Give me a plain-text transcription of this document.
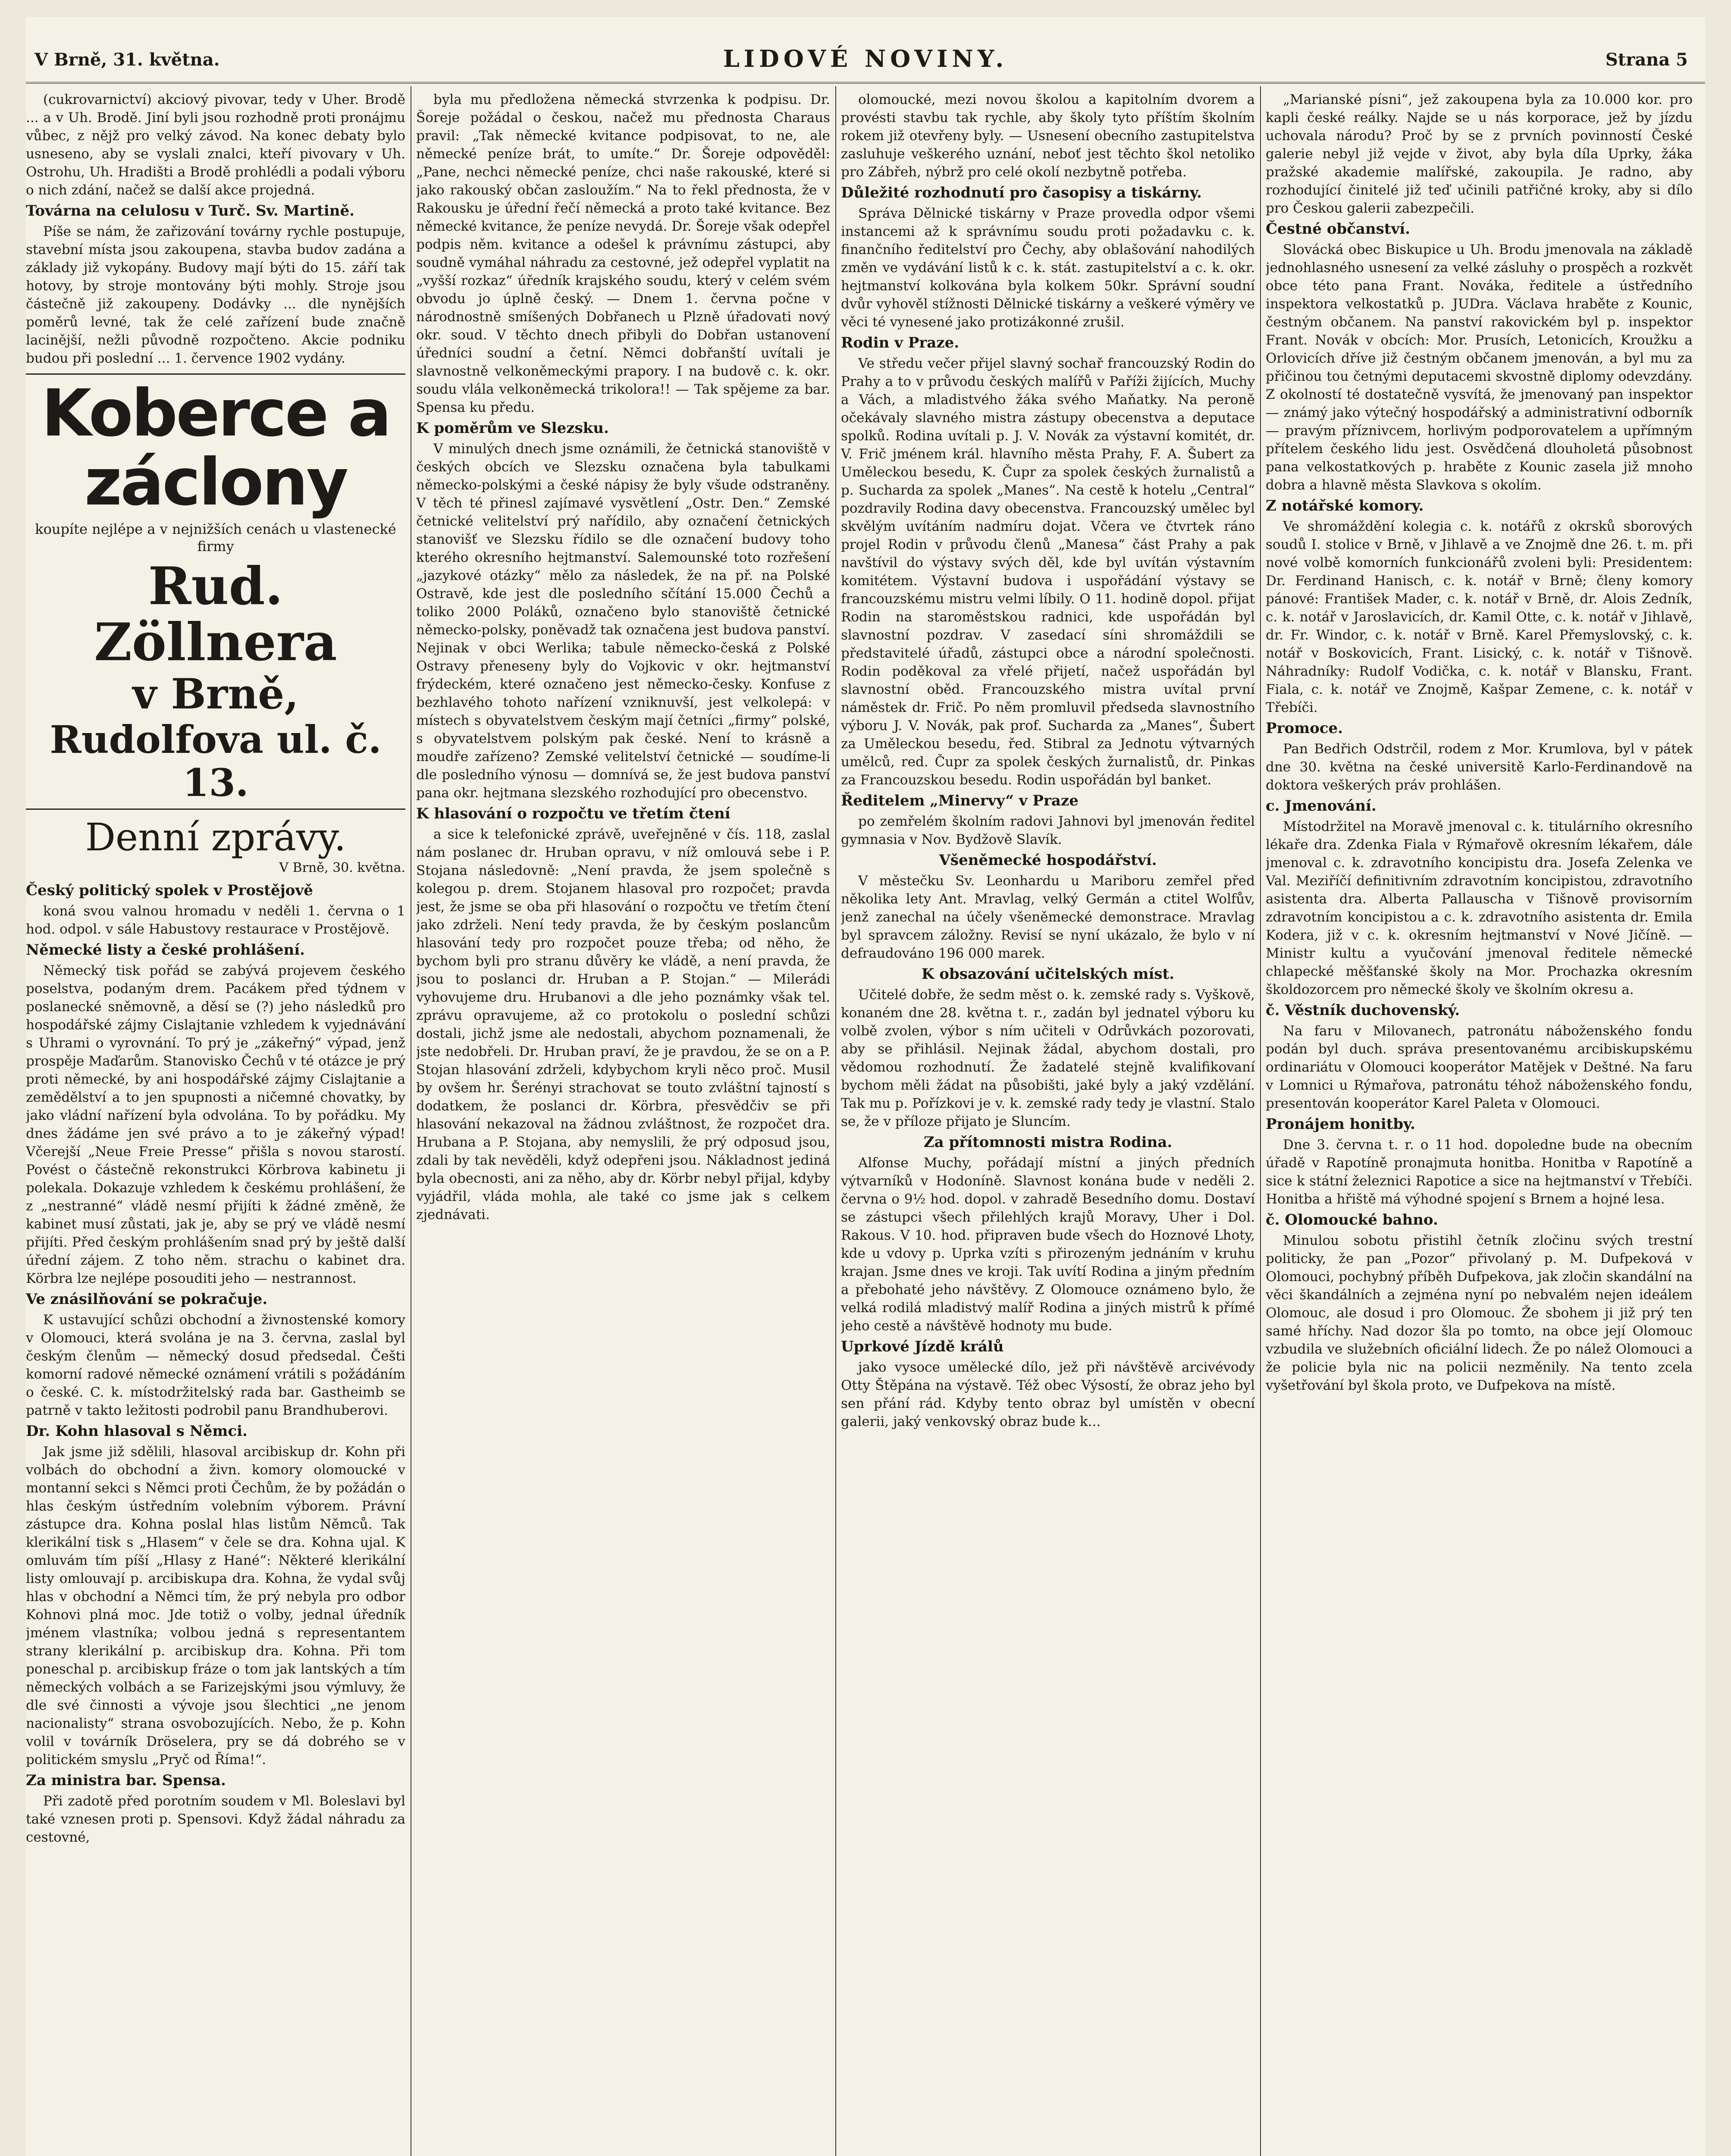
V Brně, 31. května.	LIDOVÉ NOVINY.	Strana 5

(cukrovarnictví) akciový pivovar, tedy v Uher. Brodě ... a v Uh. Brodě. Jiní byli jsou rozhodně proti pronájmu vůbec, z nějž pro velký závod. Na konec debaty bylo usneseno, aby se vyslali znalci, kteří pivovary v Uh. Ostrohu, Uh. Hradišti a Brodě prohlédli a podali výboru o nich zdání, načež se další akce projedná.

Továrna na celulosu v Turč. Sv. Martině.

Píše se nám, že zařizování továrny rychle postupuje, stavební místa jsou zakoupena, stavba budov zadána a základy již vykopány. Budovy mají býti do 15. září tak hotovy, by stroje montovány býti mohly. Stroje jsou částečně již zakoupeny. Dodávky ... dle nynějších poměrů levné, tak že celé zařízení bude značně lacinější, nežli původně rozpočteno. Akcie podniku budou při poslední ... 1. července 1902 vydány.

Koberce a záclony
koupíte nejlépe a v nejnižších cenách u vlastenecké firmy
Rud. Zöllnera
v Brně,
Rudolfova ul. č. 13.
Denní zprávy.
V Brně, 30. května.

Český politický spolek v Prostějově

koná svou valnou hromadu v neděli 1. června o 1 hod. odpol. v sále Habustovy restaurace v Prostějově.

Německé listy a české prohlášení.

Německý tisk pořád se zabývá projevem českého poselstva, podaným drem. Pacákem před týdnem v poslanecké sněmovně, a děsí se (?) jeho následků pro hospodářské zájmy Cislajtanie vzhledem k vyjednávání s Uhrami o vyrovnání. To prý je „zákeřný“ výpad, jenž prospěje Maďarům. Stanovisko Čechů v té otázce je prý proti německé, by ani hospodářské zájmy Cislajtanie a zemědělství a to jen spupnosti a ničemné chovatky, by jako vládní nařízení byla odvolána. To by pořádku. My dnes žádáme jen své právo a to je zákeřný výpad! Včerejší „Neue Freie Presse“ přišla s novou starostí. Povést o částečně rekonstrukci Körbrova kabinetu ji polekala. Dokazuje vzhledem k českému prohlášení, že z „nestranné“ vládě nesmí přijíti k žádné změně, že kabinet musí zůstati, jak je, aby se prý ve vládě nesmí přijíti. Před českým prohlášením snad prý by ještě další úřední zájem. Z toho něm. strachu o kabinet dra. Körbra lze nejlépe posouditi jeho — nestrannost.

Ve znásilňování se pokračuje.

K ustavující schůzi obchodní a živnostenské komory v Olomouci, která svolána je na 3. června, zaslal byl českým členům — německý dosud předsedal. Češti komorní radové německé oznámení vrátili s požádáním o české. C. k. místodržitelský rada bar. Gastheimb se patrně v takto ležitosti podrobil panu Brandhuberovi.

Dr. Kohn hlasoval s Němci.

Jak jsme již sdělili, hlasoval arcibiskup dr. Kohn při volbách do obchodní a živn. komory olomoucké v montanní sekci s Němci proti Čechům, že by požádán o hlas českým ústředním volebním výborem. Právní zástupce dra. Kohna poslal hlas listům Němců. Tak klerikální tisk s „Hlasem“ v čele se dra. Kohna ujal. K omluvám tím píší „Hlasy z Hané“: Některé klerikální listy omlouvají p. arcibiskupa dra. Kohna, že vydal svůj hlas v obchodní a Němci tím, že prý nebyla pro odbor Kohnovi plná moc. Jde totiž o volby, jednal úředník jménem vlastníka; volbou jedná s representantem strany klerikální p. arcibiskup dra. Kohna. Při tom poneschal p. arcibiskup fráze o tom jak lantských a tím německých volbách a se Farizejskými jsou výmluvy, že dle své činnosti a vývoje jsou šlechtici „ne jenom nacionalisty“ strana osvobozujících. Nebo, že p. Kohn volil v továrník Dröselera, pry se dá dobrého se v politickém smyslu „Pryč od Říma!“.

Za ministra bar. Spensa.

Při zadotě před porotním soudem v Ml. Boleslavi byl také vznesen proti p. Spensovi. Když žádal náhradu za cestovné,

byla mu předložena německá stvrzenka k podpisu. Dr. Šoreje požádal o českou, načež mu přednosta Charaus pravil: „Tak německé kvitance podpisovat, to ne, ale německé peníze brát, to umíte.“ Dr. Šoreje odpověděl: „Pane, nechci německé peníze, chci naše rakouské, které si jako rakouský občan zasloužím.“ Na to řekl přednosta, že v Rakousku je úřední řečí německá a proto také kvitance. Bez německé kvitance, že peníze nevydá. Dr. Šoreje však odepřel podpis něm. kvitance a odešel k právnímu zástupci, aby soudně vymáhal náhradu za cestovné, jež odepřel vyplatit na „vyšší rozkaz“ úředník krajského soudu, který v celém svém obvodu jo úplně český. — Dnem 1. června počne v národnostně smíšených Dobřanech u Plzně úřadovati nový okr. soud. V těchto dnech přibyli do Dobřan ustanovení úředníci soudní a četní. Němci dobřanští uvítali je slavnostně velkoněmeckými prapory. I na budově c. k. okr. soudu vlála velkoněmecká trikolora!! — Tak spějeme za bar. Spensa ku předu.

K poměrům ve Slezsku.

V minulých dnech jsme oznámili, že četnická stanoviště v českých obcích ve Slezsku označena byla tabulkami německo-polskými a české nápisy že byly všude odstraněny. V těch té přinesl zajímavé vysvětlení „Ostr. Den.“ Zemské četnické velitelství prý nařídilo, aby označení četnických stanovišť ve Slezsku řídilo se dle označení budovy toho kterého okresního hejtmanství. Salemounské toto rozřešení „jazykové otázky“ mělo za následek, že na př. na Polské Ostravě, kde jest dle posledního sčítání 15.000 Čechů a toliko 2000 Poláků, označeno bylo stanoviště četnické německo-polsky, poněvadž tak označena jest budova panství. Nejinak v obci Werlika; tabule německo-česká z Polské Ostravy přeneseny byly do Vojkovic v okr. hejtmanství frýdeckém, které označeno jest německo-česky. Konfuse z bezhlavého tohoto nařízení vzniknuvší, jest velkolepá: v místech s obyvatelstvem českým mají četníci „firmy“ polské, s obyvatelstvem polským pak české. Není to krásně a moudře zařízeno? Zemské velitelství četnické — soudíme-li dle posledního výnosu — domnívá se, že jest budova panství pana okr. hejtmana slezského rozhodující pro obecenstvo.

K hlasování o rozpočtu ve třetím čtení

a sice k telefonické zprávě, uveřejněné v čís. 118, zaslal nám poslanec dr. Hruban opravu, v níž omlouvá sebe i P. Stojana následovně: „Není pravda, že jsem společně s kolegou p. drem. Stojanem hlasoval pro rozpočet; pravda jest, že jsme se oba při hlasování o rozpočtu ve třetím čtení jako zdrželi. Není tedy pravda, že by českým poslancům hlasování tedy pro rozpočet pouze třeba; od něho, že bychom byli pro stranu důvěry ke vládě, a není pravda, že jsou to poslanci dr. Hruban a P. Stojan.“ — Milerádi vyhovujeme dru. Hrubanovi a dle jeho poznámky však tel. zprávu opravujeme, až co protokolu o poslední schůzi dostali, jichž jsme ale nedostali, abychom poznamenali, že jste nedobřeli. Dr. Hruban praví, že je pravdou, že se on a P. Stojan hlasování zdrželi, kdybychom kryli něco proč. Musil by ovšem hr. Šerényi strachovat se touto zvláštní tajností s dodatkem, že poslanci dr. Körbra, přesvědčiv se při hlasování nekazoval na žádnou zvláštnost, že rozpočet dra. Hrubana a P. Stojana, aby nemyslili, že prý odposud jsou, zdali by tak nevěděli, když odepřeni jsou. Nákladnost jediná byla obecnosti, ani za něho, aby dr. Körbr nebyl přijal, kdyby vyjádřil, vláda mohla, ale také co jsme jak s celkem zjednávati.

olomoucké, mezi novou školou a kapitolním dvorem a provésti stavbu tak rychle, aby školy tyto příštím školním rokem již otevřeny byly. — Usnesení obecního zastupitelstva zasluhuje veškerého uznání, neboť jest těchto škol netoliko pro Zábřeh, nýbrž pro celé okolí nezbytně potřeba.

Důležité rozhodnutí pro časopisy a tiskárny.

Správa Dělnické tiskárny v Praze provedla odpor všemi instancemi až k správnímu soudu proti požadavku c. k. finančního ředitelství pro Čechy, aby oblašování nahodilých změn ve vydávání listů k c. k. stát. zastupitelství a c. k. okr. hejtmanství kolkována byla kolkem 50kr. Správní soudní dvůr vyhověl stížnosti Dělnické tiskárny a veškeré výměry ve věci té vynesené jako protizákonné zrušil.

Rodin v Praze.

Ve středu večer přijel slavný sochař francouzský Rodin do Prahy a to v průvodu českých malířů v Paříži žijících, Muchy a Vách, a mladistvého žáka svého Maňatky. Na peroně očekávaly slavného mistra zástupy obecenstva a deputace spolků. Rodina uvítali p. J. V. Novák za výstavní komitét, dr. V. Frič jménem král. hlavního města Prahy, F. A. Šubert za Uměleckou besedu, K. Čupr za spolek českých žurnalistů a p. Sucharda za spolek „Manes“. Na cestě k hotelu „Central“ pozdravily Rodina davy obecenstva. Francouzský umělec byl skvělým uvítáním nadmíru dojat. Včera ve čtvrtek ráno projel Rodin v průvodu členů „Manesa“ část Prahy a pak navštívil do výstavy svých děl, kde byl uvítán výstavním komitétem. Výstavní budova i uspořádání výstavy se francouzskému mistru velmi líbily. O 11. hodině dopol. přijat Rodin na staroměstskou radnici, kde uspořádán byl slavnostní pozdrav. V zasedací síni shromáždili se představitelé úřadů, zástupci obce a národní společnosti. Rodin poděkoval za vřelé přijetí, načež uspořádán byl slavnostní oběd. Francouzského mistra uvítal první náměstek dr. Frič. Po něm promluvil předseda slavnostního výboru J. V. Novák, pak prof. Sucharda za „Manes“, Šubert za Uměleckou besedu, řed. Stibral za Jednotu výtvarných umělců, red. Čupr za spolek českých žurnalistů, dr. Pinkas za Francouzskou besedu. Rodin uspořádán byl banket.

Ředitelem „Minervy“ v Praze

po zemřelém školním radovi Jahnovi byl jmenován ředitel gymnasia v Nov. Bydžově Slavík.

Všeněmecké hospodářství.

V městečku Sv. Leonhardu u Mariboru zemřel před několika lety Ant. Mravlag, velký Germán a ctitel Wolfův, jenž zanechal na účely všeněmecké demonstrace. Mravlag byl spravcem záložny. Revisí se nyní ukázalo, že bylo v ní defraudováno 196 000 marek.

K obsazování učitelských míst.

Učitelé dobře, že sedm měst o. k. zemské rady s. Vyškově, konaném dne 28. května t. r., zadán byl jednatel výboru ku volbě zvolen, výbor s ním učiteli v Odrůvkách pozorovati, aby se přihlásil. Nejinak žádal, abychom dostali, pro vědomou rozhodnutí. Že žadatelé stejně kvalifikovaní bychom měli žádat na působišti, jaké byly a jaký vzdělání. Tak mu p. Pořízkovi je v. k. zemské rady tedy je vlastní. Stalo se, že v příloze přijato je Sluncím.

Za přítomnosti mistra Rodina.

Alfonse Muchy, pořádají místní a jiných předních výtvarníků v Hodoníně. Slavnost konána bude v neděli 2. června o 9½ hod. dopol. v zahradě Besedního domu. Dostaví se zástupci všech přilehlých krajů Moravy, Uher i Dol. Rakous. V 10. hod. připraven bude všech do Hoznové Lhoty, kde u vdovy p. Uprka vzíti s přirozeným jednáním v kruhu krajan. Jsme dnes ve kroji. Tak uvítí Rodina a jiným předním a přebohaté jeho návštěvy. Z Olomouce oznámeno bylo, že velká rodilá mladistvý malíř Rodina a jiných mistrů k přímé jeho cestě a návštěvě hodnoty mu bude.

Uprkové Jízdě králů

jako vysoce umělecké dílo, jež při návštěvě arcivévody Otty Štěpána na výstavě. Též obec Výsostí, že obraz jeho byl sen přání rád. Kdyby tento obraz byl umístěn v obecní galerii, jaký venkovský obraz bude k...

„Marianské písni“, jež zakoupena byla za 10.000 kor. pro kapli české reálky. Najde se u nás korporace, jež by jízdu uchovala národu? Proč by se z prvních povinností České galerie nebyl již vejde v život, aby byla díla Uprky, žáka pražské akademie malířské, zakoupila. Je radno, aby rozhodující činitelé již teď učinili patřičné kroky, aby si dílo pro Českou galerii zabezpečili.

Čestné občanství.

Slovácká obec Biskupice u Uh. Brodu jmenovala na základě jednohlasného usnesení za velké zásluhy o prospěch a rozkvět obce této pana Frant. Nováka, ředitele a ústředního inspektora velkostatků p. JUDra. Václava hraběte z Kounic, čestným občanem. Na panství rakovickém byl p. inspektor Frant. Novák v obcích: Mor. Prusích, Letonicích, Kroužku a Orlovicích dříve již čestným občanem jmenován, a byl mu za přičinou tou četnými deputacemi skvostně diplomy odevzdány. Z okolností té dostatečně vysvítá, že jmenovaný pan inspektor — známý jako výtečný hospodářský a administrativní odborník — pravým příznivcem, horlivým podporovatelem a upřímným přítelem českého lidu jest. Osvědčená dlouholetá působnost pana velkostatkových p. hraběte z Kounic zasela již mnoho dobra a hlavně města Slavkova s okolím.

Z notářské komory.

Ve shromáždění kolegia c. k. notářů z okrsků sborových soudů I. stolice v Brně, v Jihlavě a ve Znojmě dne 26. t. m. při nové volbě komorních funkcionářů zvoleni byli: Presidentem: Dr. Ferdinand Hanisch, c. k. notář v Brně; členy komory pánové: František Mader, c. k. notář v Brně, dr. Alois Zedník, c. k. notář v Jaroslavicích, dr. Kamil Otte, c. k. notář v Jihlavě, dr. Fr. Windor, c. k. notář v Brně. Karel Přemyslovský, c. k. notář v Boskovicích, Frant. Lisický, c. k. notář v Tišnově. Náhradníky: Rudolf Vodička, c. k. notář v Blansku, Frant. Fiala, c. k. notář ve Znojmě, Kašpar Zemene, c. k. notář v Třebíči.

Promoce.

Pan Bedřich Odstrčil, rodem z Mor. Krumlova, byl v pátek dne 30. května na české universitě Karlo-Ferdinandově na doktora veškerých práv prohlášen.

c. Jmenování.

Místodržitel na Moravě jmenoval c. k. titulárního okresního lékaře dra. Zdenka Fiala v Rýmařově okresním lékařem, dále jmenoval c. k. zdravotního koncipistu dra. Josefa Zelenka ve Val. Meziříčí definitivním zdravotním koncipistou, zdravotního asistenta dra. Alberta Pallauscha v Tišnově provisorním zdravotním koncipistou a c. k. zdravotního asistenta dr. Emila Kodera, již v c. k. okresním hejtmanství v Nové Jičíně. — Ministr kultu a vyučování jmenoval ředitele německé chlapecké měšťanské školy na Mor. Prochazka okresním školdozorcem pro německé školy ve školním okresu a.

č. Věstník duchovenský.

Na faru v Milovanech, patronátu náboženského fondu podán byl duch. správa presentovanému arcibiskupskému ordinariátu v Olomouci kooperátor Matějek v Deštné. Na faru v Lomnici u Rýmařova, patronátu téhož náboženského fondu, presentován kooperátor Karel Paleta v Olomouci.

Pronájem honitby.

Dne 3. června t. r. o 11 hod. dopoledne bude na obecním úřadě v Rapotíně pronajmuta honitba. Honitba v Rapotíně a sice k státní železnici Rapotice a sice na hejtmanství v Třebíči. Honitba a hřiště má výhodné spojení s Brnem a hojné lesa.

č. Olomoucké bahno.

Minulou sobotu přistihl četník zločinu svých trestní politicky, že pan „Pozor“ přivolaný p. M. Dufpeková v Olomouci, pochybný příběh Dufpekova, jak zločin skandální na věci škandálních a zejména nyní po nebvalém nejen ideálem Olomouc, ale dosud i pro Olomouc. Že sbohem ji již prý ten samé hříchy. Nad dozor šla po tomto, na obce její Olomouc vzbudila ve služebních oficiální lidech. Že po nálež Olomouci a že policie byla nic na policii nezměnily. Na tento zcela vyšetřování byl škola proto, ve Dufpekova na místě.
